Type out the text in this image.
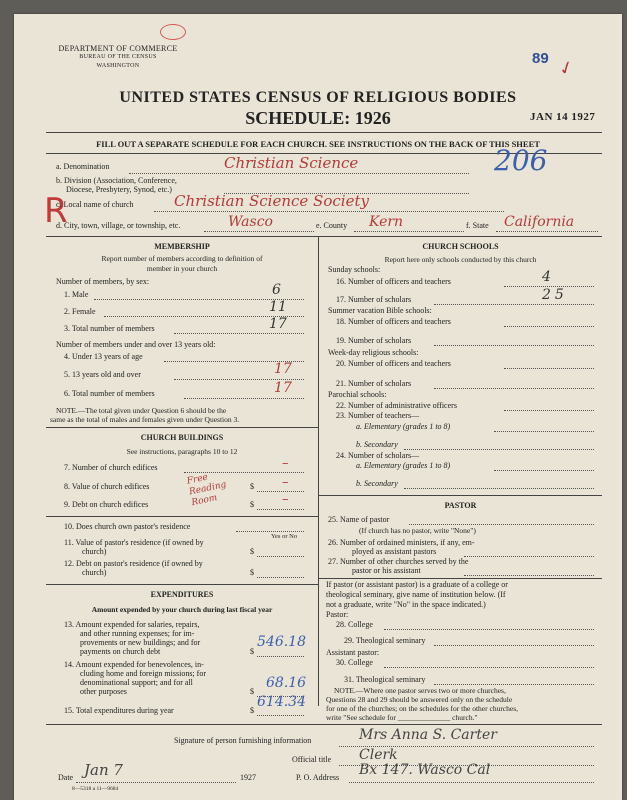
DEPARTMENT OF COMMERCE
BUREAU OF THE CENSUS
WASHINGTON	89 ✓
UNITED STATES CENSUS OF RELIGIOUS BODIES
SCHEDULE: 1926	JAN 14 1927
FILL OUT A SEPARATE SCHEDULE FOR EACH CHURCH. SEE INSTRUCTIONS ON THE BACK OF THIS SHEET
a. Denomination	Christian Science	206
b. Division (Association, Conference,
Diocese, Presbytery, Synod, etc.)
R
c. Local name of church	Christian Science Society
d. City, town, village, or township, etc.	Wasco	e. County Kern	f. State California
MEMBERSHIP
Report number of members according to definition of
member in your church
Number of members, by sex:
1. Male	6
2. Female	11
3. Total number of members	17
Number of members under and over 13 years old:
4. Under 13 years of age
5. 13 years old and over	17
6. Total number of members	17
NOTE.—The total given under Question 6 should be the
same as the total of males and females given under Question 3.
CHURCH BUILDINGS
See instructions, paragraphs 10 to 12
7. Number of church edifices	–
8. Value of church edifices	$ –
9. Debt on church edifices	$ –
Free Reading Room
10. Does church own pastor's residence
Yes or No
11. Value of pastor's residence (if owned by
church)	$
12. Debt on pastor's residence (if owned by
church)	$
EXPENDITURES
Amount expended by your church during last fiscal year
13. Amount expended for salaries, repairs,
and other running expenses; for im-
provements or new buildings; and for
payments on church debt	$
546.18
14. Amount expended for benevolences, in-
cluding home and foreign missions; for
denominational support; and for all
other purposes	$
68.16
15. Total expenditures during year	$
614.34
CHURCH SCHOOLS
Report here only schools conducted by this church
Sunday schools:
16. Number of officers and teachers	4
17. Number of scholars	25
Summer vacation Bible schools:
18. Number of officers and teachers
19. Number of scholars
Week-day religious schools:
20. Number of officers and teachers
21. Number of scholars
Parochial schools:
22. Number of administrative officers
23. Number of teachers—
a. Elementary (grades 1 to 8)
b. Secondary
24. Number of scholars—
a. Elementary (grades 1 to 8)
b. Secondary
PASTOR
25. Name of pastor
(If church has no pastor, write "None")
26. Number of ordained ministers, if any, em-
ployed as assistant pastors
27. Number of other churches served by the
pastor or his assistant
If pastor (or assistant pastor) is a graduate of a college or
theological seminary, give name of institution below. (If
not a graduate, write "No" in the space indicated.)
Pastor:
28. College
29. Theological seminary
Assistant pastor:
30. College
31. Theological seminary
NOTE.—Where one pastor serves two or more churches,
Questions 28 and 29 should be answered only on the schedule
for one of the churches; on the schedules for the other churches,
write "See schedule for ______________ church."
Signature of person furnishing information	Mrs Anna S. Carter
Official title Clerk
Date Jan 7	1927	P. O. Address Bx 147. Wasco Cal
8—5318 a 11—9684
